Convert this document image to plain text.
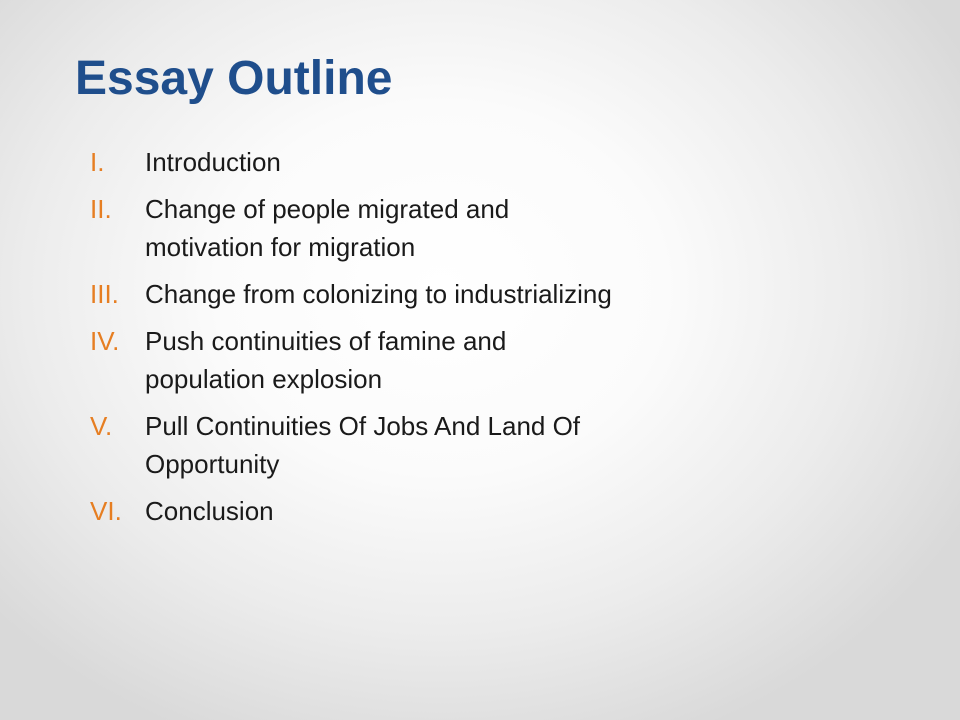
Essay Outline
I.	Introduction
II.	Change of people migrated and motivation for migration
III.	Change from colonizing to industrializing
IV. Push continuities of famine and population explosion
V.	Pull Continuities Of Jobs And Land Of Opportunity
VI. Conclusion
